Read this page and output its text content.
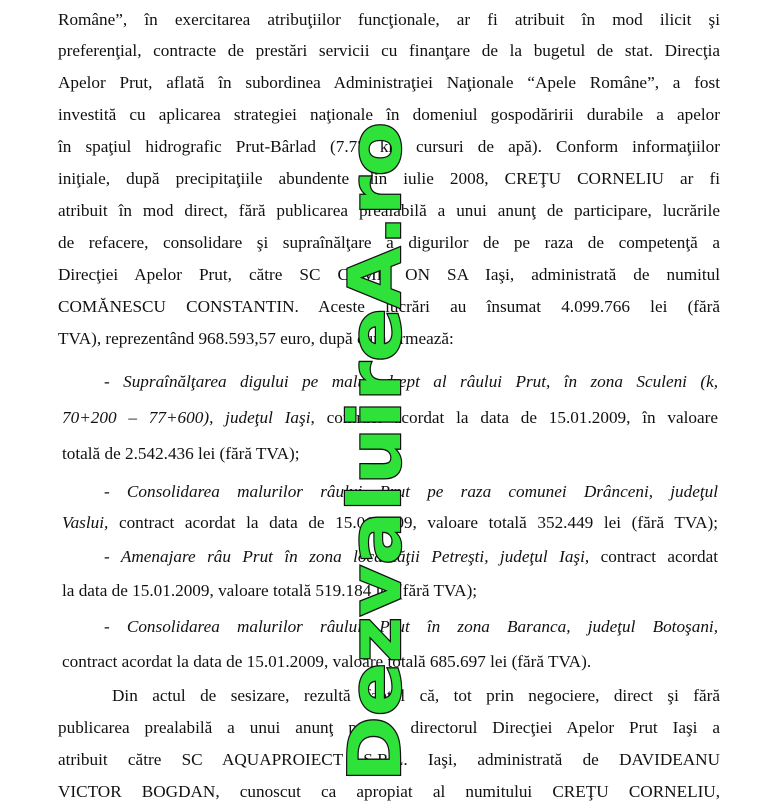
Române”, în exercitarea atribuţiilor funcţionale, ar fi atribuit în mod ilicit şi
preferenţial, contracte de prestări servicii cu finanţare de la bugetul de stat. Direcţia
Apelor Prut, aflată în subordinea Administraţiei Naţionale “Apele Române”, a fost
investită cu aplicarea strategiei naţionale în domeniul gospodăririi durabile a apelor
în spaţiul hidrografic Prut-Bârlad (7.77 km cursuri de apă). Conform informaţiilor
iniţiale, după precipitaţiile abundente din iulie 2008, CREŢU CORNELIU ar fi
atribuit în mod direct, fără publicarea prealabilă a unui anunţ de participare, lucrările
de refacere, consolidare şi supraînălţare a digurilor de pe raza de competenţă a
Direcţiei Apelor Prut, către SC COMB ON SA Iaşi, administrată de numitul
COMĂNESCU CONSTANTIN. Aceste lucrări au însumat 4.099.766 lei (fără
TVA), reprezentând 968.593,57 euro, după cum urmează:
- Supraînălţarea digului pe malul drept al râului Prut, în zona Sculeni (k,
70+200 – 77+600), judeţul Iaşi, contract acordat la data de 15.01.2009, în valoare
totală de 2.542.436 lei (fără TVA);
- Consolidarea malurilor râului Prut pe raza comunei Drânceni, judeţul
Vaslui, contract acordat la data de 15.01.2009, valoare totală 352.449 lei (fără TVA);
- Amenajare râu Prut în zona localităţii Petreşti, judeţul Iaşi, contract acordat
la data de 15.01.2009, valoare totală 519.184 lei (fără TVA);
- Consolidarea malurilor râului Prut în zona Baranca, judeţul Botoşani,
contract acordat la data de 15.01.2009, valoare totală 685.697 lei (fără TVA).
Din actul de sesizare, rezultă faptul că, tot prin negociere, direct şi fără
publicarea prealabilă a unui anunţ public, directorul Direcţiei Apelor Prut Iaşi a
atribuit către SC AQUAPROIECT S.R.L. Iaşi, administrată de DAVIDEANU
VICTOR BOGDAN, cunoscut ca apropiat al numitului CREŢU CORNELIU,
DezvaluireA.ro
